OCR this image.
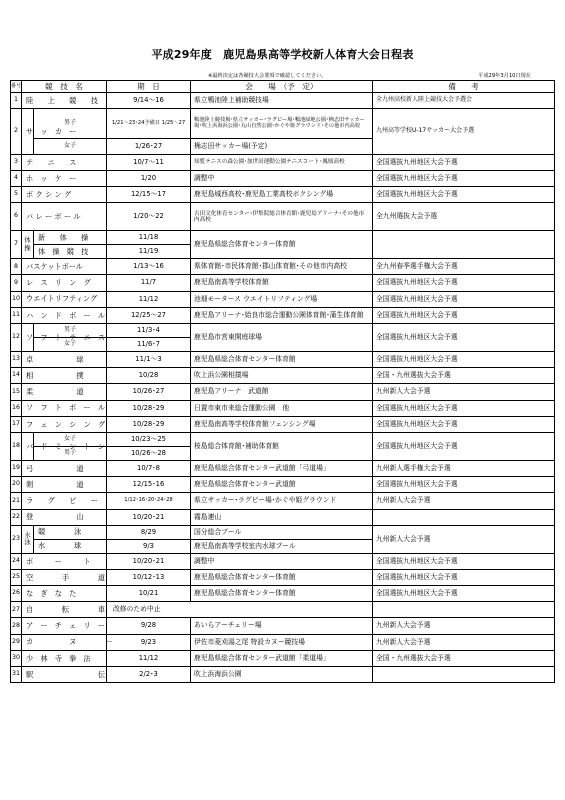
平成29年度　鹿児島県高等学校新人体育大会日程表
※最終決定は各競技大会要項で確認してください。	平成29年3月10日現在
番号	競　技　名		期　日	会　　場　（予　定）	備　　考
1	陸　　上　　競　　技		9/14～16	県立鴨池陸上補助競技場	全九州高校新人陸上競技大会予選会
2	サ　ッ　カ　ー	男子	1/21～23･24予備日 1/25～27	鴨池陸上競技場･県立サッカー･ラグビー場･鴨池緑地公園･桷志田サッカー場･吹上浜海浜公園･丸山自然公園･かぐや姫グラウンド･その他市内高校	九州高等学校U-17サッカー大会予選
		女子	1/26･27	桷志田サッカー場(予定)	
3	テ　　ニ　　ス		10/7～11	知覧テニスの森公園･加世田運動公園テニスコート･鳳凰高校	全国選抜九州地区大会予選
4	ホ　ッ　ケ　ー		1/20	調整中	全国選抜九州地区大会予選
5	ボ ク シ ン グ		12/15～17	鹿児島城西高校･鹿児島工業高校ボクシング場	全国選抜九州地区大会予選
6	バ レ ー ボ ー ル		1/20～22	吉田文化体育センター･伊集院総合体育館･鹿児島アリーナ･その他市内高校	全九州選抜大会予選
7	体操	新　　体　　操	11/18	鹿児島県総合体育センター体育館	
		体　操　競　技	11/19		
8	バスケットボール		1/13～16	県体育館･市民体育館･郡山体育館･その他市内高校	全九州春季選手権大会予選
9	レ　ス　リ　ン　グ		11/7	鹿児島南高等学校体育館	全国選抜九州地区大会予選
10	ウエイトリフティング		11/12	池畑モータース ウエイトリフティング場	全国選抜九州地区大会予選
11	ハ　ン　ド　ボ　ー　ル		12/25～27	鹿児島アリーナ･姶良市総合運動公園体育館･蒲生体育館	全国選抜九州地区大会予選
12	ソ　フ　ト　テ　ニ　ス	男子	11/3･4	鹿児島市営東開庭球場	全国選抜九州地区大会予選
		女子	11/6･7		
13	卓　　　　　　球		11/1～3	鹿児島県総合体育センター体育館	全国選抜九州地区大会予選
14	相　　　　　　撲		10/28	吹上浜公園相撲場	全国・九州選抜大会予選
15	柔　　　　　　道		10/26･27	鹿児島アリーナ　武道館	九州新人大会予選
16	ソ　フ　ト　ボ　ー　ル		10/28･29	日置市東市来総合運動公園　他	全国選抜九州地区大会予選
17	フ　ェ　ン　シ　ン　グ		10/28･29	鹿児島南高等学校体育館フェンシング場	全国選抜九州地区大会予選
18	バ　ド　ミ　ン　ト　ン	女子	10/23～25	桜島総合体育館･補助体育館	全国選抜九州地区大会予選
		男子	10/26～28		
19	弓　　　　　　道		10/7･8	鹿児島県総合体育センター武道館「弓道場」	九州新人選手権大会予選
20	剣　　　　　　道		12/15･16	鹿児島県総合体育センター武道館	全国選抜九州地区大会予選
21	ラ　　グ　　ビ　　ー		1/12･16･20･24･28	県立サッカー･ラグビー場･かぐや姫グラウンド	九州新人大会予選
22	登　　　　　　山		10/20･21	霧島連山	
23	水泳	競　　　　泳	8/29	国分総合プール	九州新人大会予選
		水　　　　球	9/3	鹿児島南高等学校室内水球プール	
24	ボ　　　ー　　　ト		10/20･21	調整中	全国選抜九州地区大会予選
25	空　　　　手　　　　道		10/12･13	鹿児島県総合体育センター体育館	全国選抜九州地区大会予選
26	な　ぎ　な　た		10/21	鹿児島県総合体育センター体育館	全国選抜九州地区大会予選
27	自　　　　転　　　　車		改修のため中止		
28	ア　ー　チ　ェ　リ　ー		9/28	あいらアーチェリー場	九州新人大会予選
29	カ　　　　　ヌ　　　　ー		9/23	伊佐市菱刈湯之尾 特設カヌー競技場	九州新人大会予選
30	少　林　寺　拳　法		11/12	鹿児島県総合体育センター武道館「柔道場」	全国・九州選抜大会予選
31	駅　　　　　　　　　伝		2/2･3	吹上浜海浜公園	
